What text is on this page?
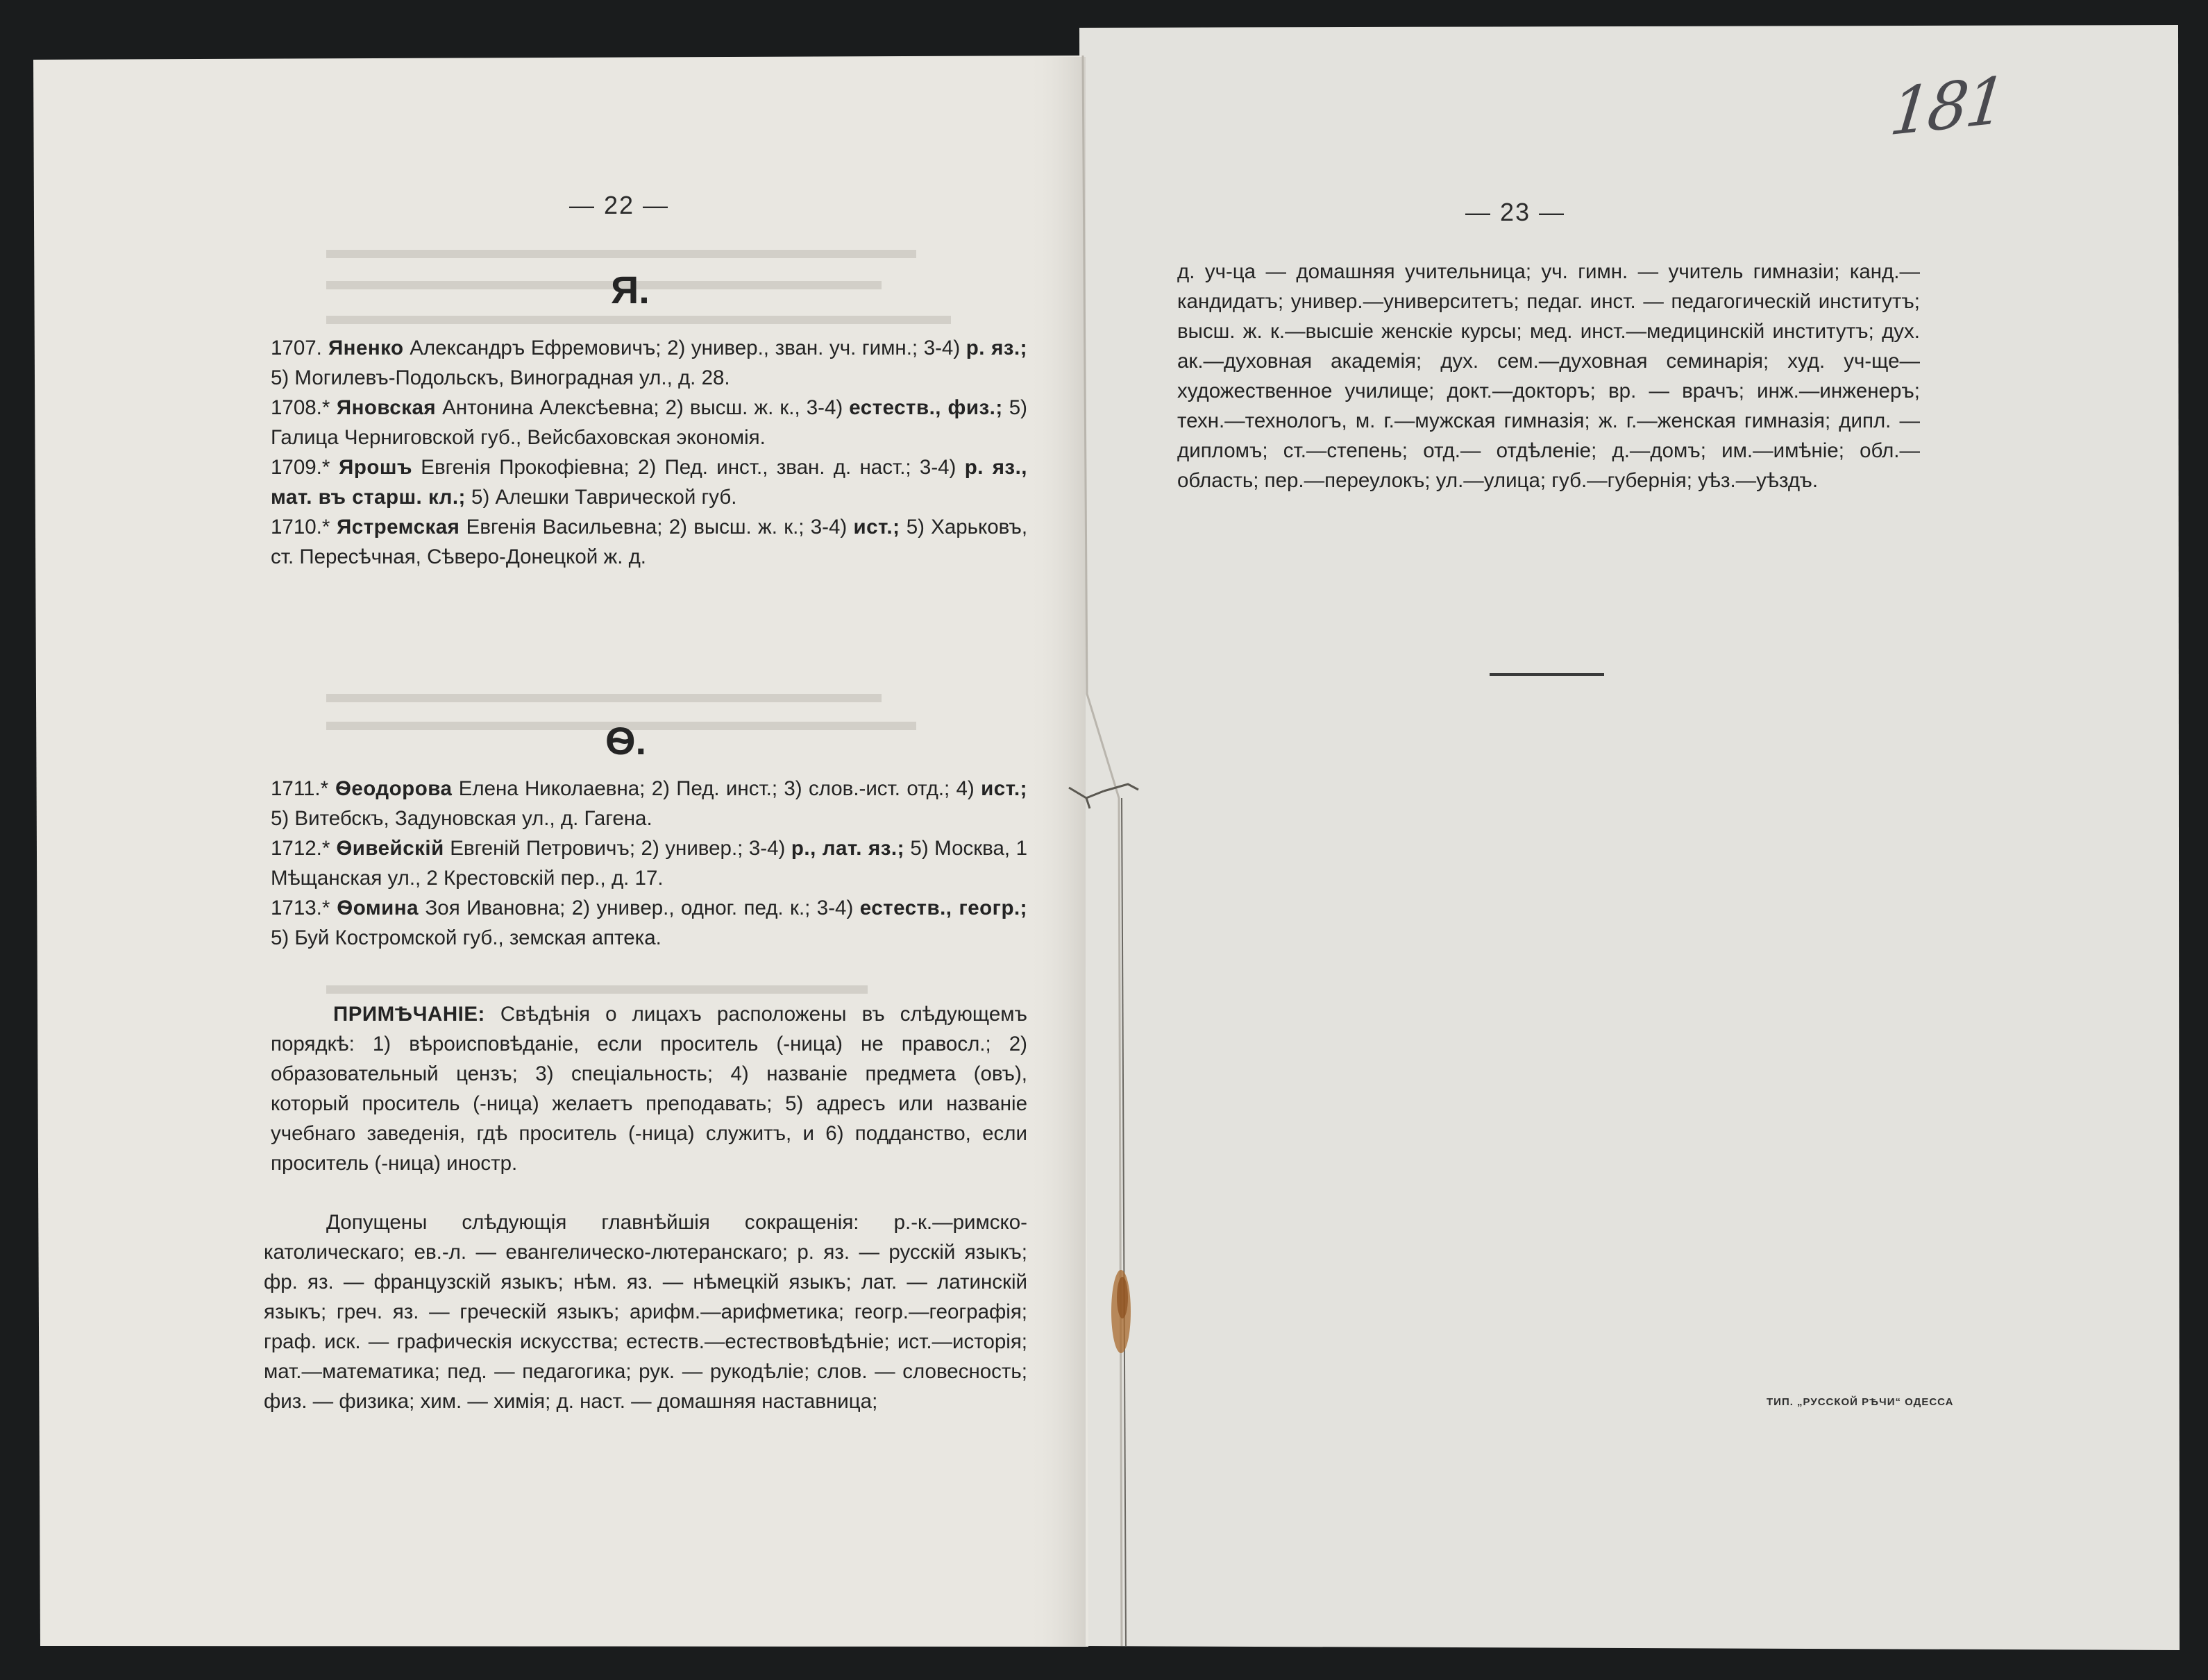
— 22 —
Я.

1707. Яненко Александръ Ефремовичъ; 2) универ., зван. уч. гимн.; 3-4) р. яз.; 5) Могилевъ-Подольскъ, Виноградная ул., д. 28.

1708.* Яновская Антонина Алексѣевна; 2) высш. ж. к., 3-4) естеств., физ.; 5) Галица Черниговской губ., Вейсбаховская экономія.

1709.* Ярошъ Евгенія Прокофіевна; 2) Пед. инст., зван. д. наст.; 3-4) р. яз., мат. въ старш. кл.; 5) Алешки Таврической губ.

1710.* Ястремская Евгенія Васильевна; 2) высш. ж. к.; 3-4) ист.; 5) Харьковъ, ст. Пересѣчная, Сѣверо-Донецкой ж. д.

Ѳ.

1711.* Ѳеодорова Елена Николаевна; 2) Пед. инст.; 3) слов.-ист. отд.; 4) ист.; 5) Витебскъ, Задуновская ул., д. Гагена.

1712.* Ѳивейскій Евгеній Петровичъ; 2) универ.; 3-4) р., лат. яз.; 5) Москва, 1 Мѣщанская ул., 2 Крестовскій пер., д. 17.

1713.* Ѳомина Зоя Ивановна; 2) универ., одног. пед. к.; 3-4) естеств., геогр.; 5) Буй Костромской губ., земская аптека.

ПРИМѢЧАНІЕ: Свѣдѣнія о лицахъ расположены въ слѣдующемъ порядкѣ: 1) вѣроисповѣданіе, если проситель (-ница) не правосл.; 2) образовательный цензъ; 3) спеціальность; 4) названіе предмета (овъ), который проситель (-ница) желаетъ преподавать; 5) адресъ или названіе учебнаго заведенія, гдѣ проситель (-ница) служитъ, и 6) подданство, если проситель (-ница) иностр.

Допущены слѣдующія главнѣйшія сокращенія: р.-к.—римско-католическаго; ев.-л. — евангелическо-лютеранскаго; р. яз. — русскій языкъ; фр. яз. — французскій языкъ; нѣм. яз. — нѣмецкій языкъ; лат. — латинскій языкъ; греч. яз. — греческій языкъ; арифм.—арифметика; геогр.—географія; граф. иск. — графическія искусства; естеств.—естествовѣдѣніе; ист.—исторія; мат.—математика; пед. — педагогика; рук. — рукодѣліе; слов. — словесность; физ. — физика; хим. — химія; д. наст. — домашняя наставница;

181
— 23 —

д. уч-ца — домашняя учительница; уч. гимн. — учитель гимназіи; канд.—кандидатъ; универ.—университетъ; педаг. инст. — педагогическій институтъ; высш. ж. к.—высшіе женскіе курсы; мед. инст.—медицинскій институтъ; дух. ак.—духовная академія; дух. сем.—духовная семинарія; худ. уч-ще—художественное училище; докт.—докторъ; вр. — врачъ; инж.—инженеръ; техн.—технологъ, м. г.—мужская гимназія; ж. г.—женская гимназія; дипл. — дипломъ; ст.—степень; отд.— отдѣленіе; д.—домъ; им.—имѣніе; обл.—область; пер.—переулокъ; ул.—улица; губ.—губернія; уѣз.—уѣздъ.

ТИП. „РУССКОЙ РѢЧИ“ ОДЕССА
